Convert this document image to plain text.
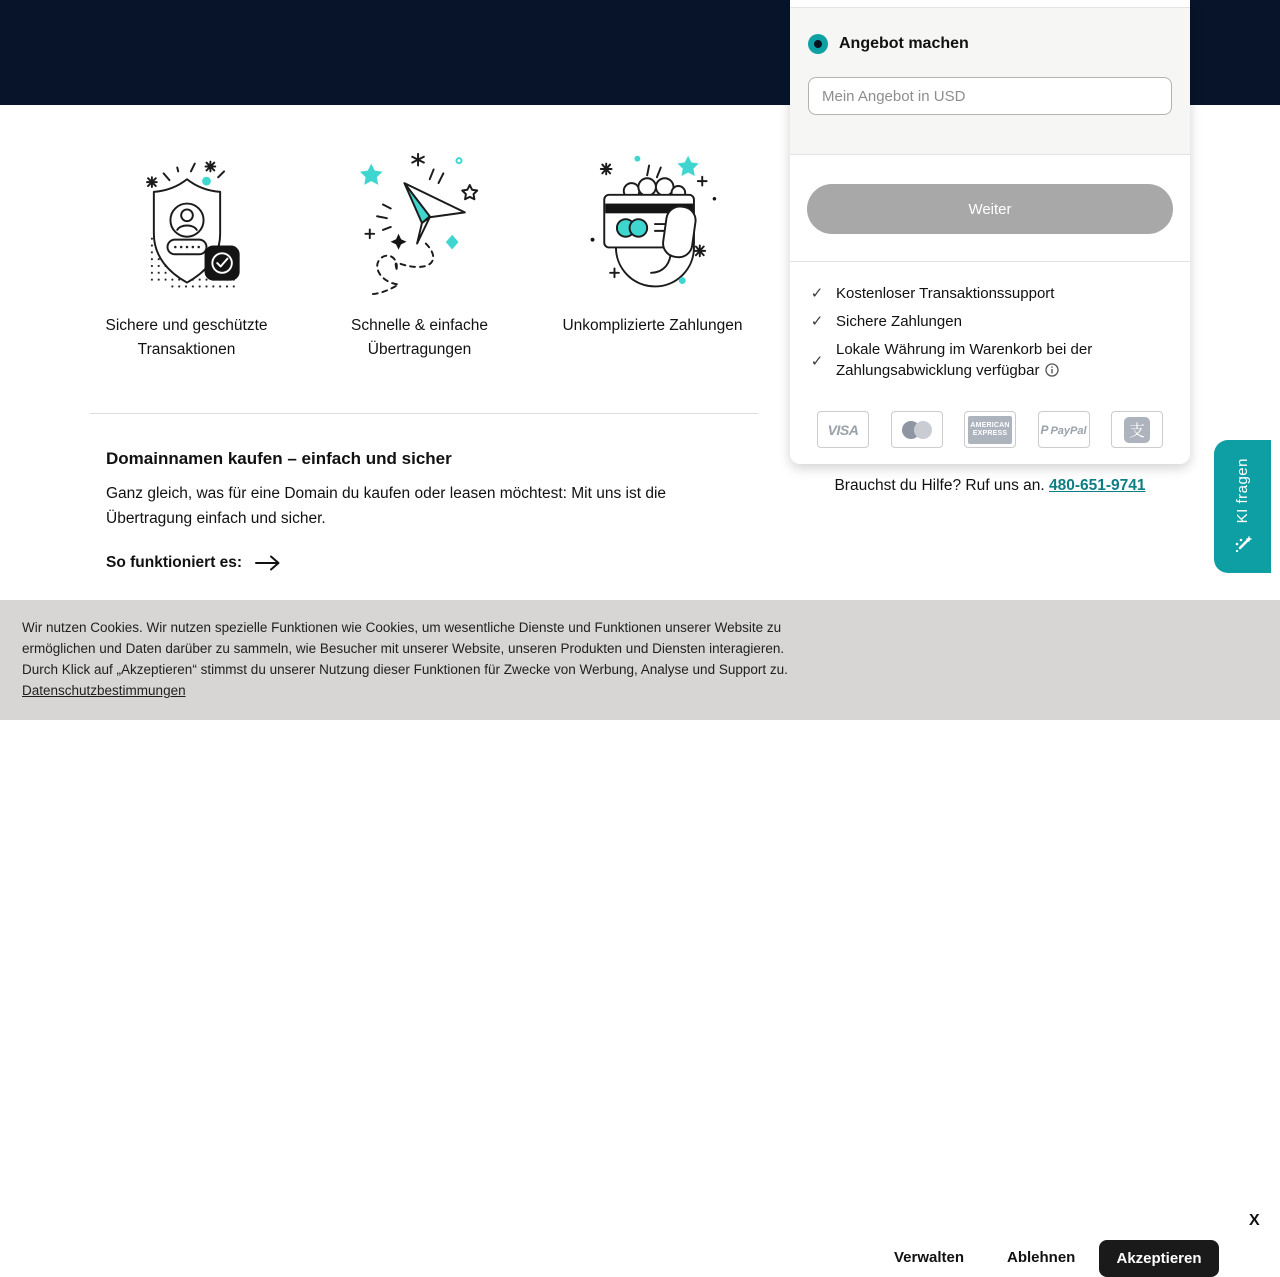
Sichere und geschützte Transaktionen
Schnelle & einfache Übertragungen
Unkomplizierte Zahlungen
Domainnamen kaufen – einfach und sicher

Ganz gleich, was für eine Domain du kaufen oder leasen möchtest: Mit uns ist die Übertragung einfach und sicher.

So funktioniert es:
Angebot machen
Mein Angebot in USD
Weiter
✓ Kostenloser Transaktionssupport
✓ Sichere Zahlungen
✓
Lokale Währung im Warenkorb bei der Zahlungsabwicklung verfügbar
VISA	AMERICAN
EXPRESS	P PayPal	支
Brauchst du Hilfe? Ruf uns an. 480-651-9741	KI fragen
Wir nutzen Cookies. Wir nutzen spezielle Funktionen wie Cookies, um wesentliche Dienste und Funktionen unserer Website zu
ermöglichen und Daten darüber zu sammeln, wie Besucher mit unserer Website, unseren Produkten und Diensten interagieren.
Durch Klick auf „Akzeptieren“ stimmst du unserer Nutzung dieser Funktionen für Zwecke von Werbung, Analyse und Support zu.
Datenschutzbestimmungen
Verwalten	Ablehnen	Akzeptieren
X
